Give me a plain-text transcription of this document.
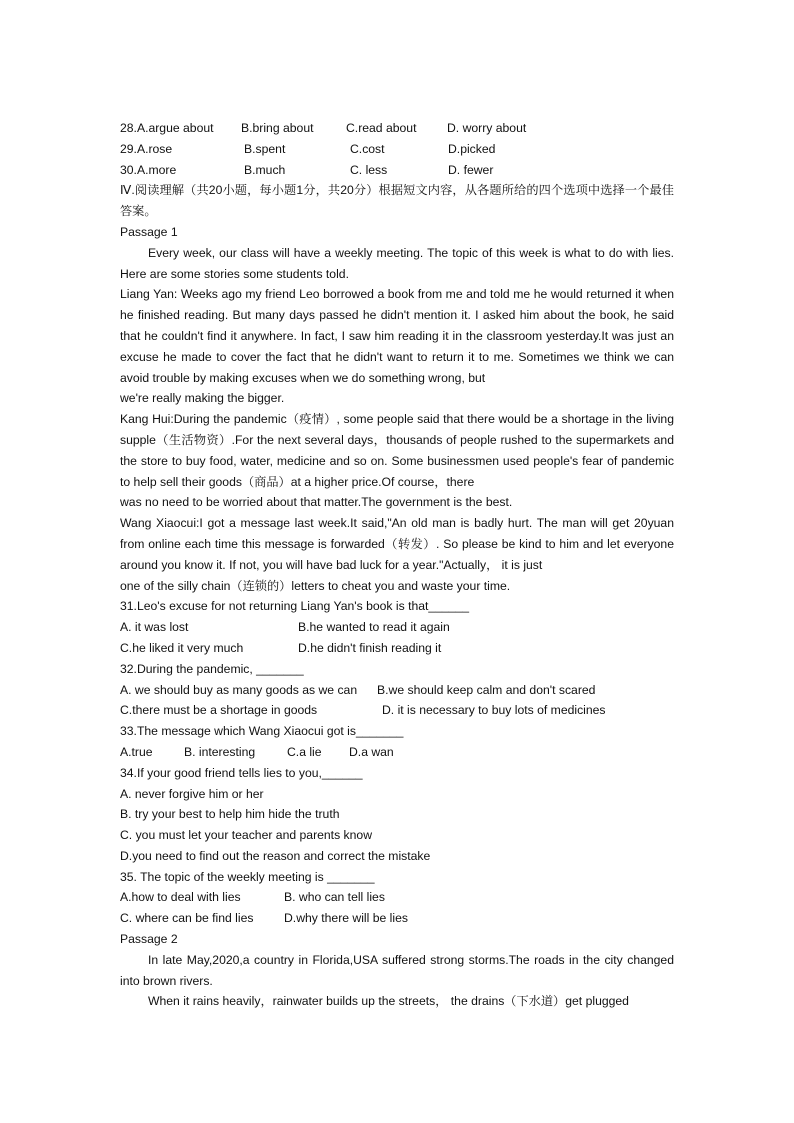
28.A.argue about	B.bring about	C.read about	D. worry about
29.A.rose	B.spent	C.cost	D.picked
30.A.more	B.much	C. less	D. fewer
Ⅳ.阅读理解（共20小题，每小题1分，共20分）根据短文内容，从各题所给的四个选项中选择一个最佳答案。
Passage 1
Every week, our class will have a weekly meeting. The topic of this week is what to do with lies. Here are some stories some students told.
Liang Yan: Weeks ago my friend Leo borrowed a book from me and told me he would returned it when he finished reading. But many days passed he didn't mention it. I asked him about the book, he said that he couldn't find it anywhere. In fact, I saw him reading it in the classroom yesterday.It was just an excuse he made to cover the fact that he didn't want to return it to me. Sometimes we think we can avoid trouble by making excuses when we do something wrong, but
we're really making the bigger.
Kang Hui:During the pandemic（疫情）, some people said that there would be a shortage in the living supple（生活物资）.For the next several days，thousands of people rushed to the supermarkets and the store to buy food, water, medicine and so on. Some businessmen used people's fear of pandemic to help sell their goods（商品）at a higher price.Of course，there
was no need to be worried about that matter.The government is the best.
Wang Xiaocui:I got a message last week.It said,"An old man is badly hurt. The man will get 20yuan from online each time this message is forwarded（转发）. So please be kind to him and let everyone around you know it. If not, you will have bad luck for a year."Actually， it is just
one of the silly chain（连锁的）letters to cheat you and waste your time.
31.Leo's excuse for not returning Liang Yan's book is that______
A. it was lost	B.he wanted to read it again
C.he liked it very much	D.he didn't finish reading it
32.During the pandemic, _______
A. we should buy as many goods as we can	B.we should keep calm and don't scared
C.there must be a shortage in goods	D. it is necessary to buy lots of medicines
33.The message which Wang Xiaocui got is_______
A.true	B. interesting	C.a lie	D.a wan
34.If your good friend tells lies to you,______
A. never forgive him or her
B. try your best to help him hide the truth
C. you must let your teacher and parents know
D.you need to find out the reason and correct the mistake
35. The topic of the weekly meeting is _______
A.how to deal with lies	B. who can tell lies
C. where can be find lies	D.why there will be lies
Passage 2
In late May,2020,a country in Florida,USA suffered strong storms.The roads in the city changed into brown rivers.
When it rains heavily，rainwater builds up the streets， the drains（下水道）get plugged
